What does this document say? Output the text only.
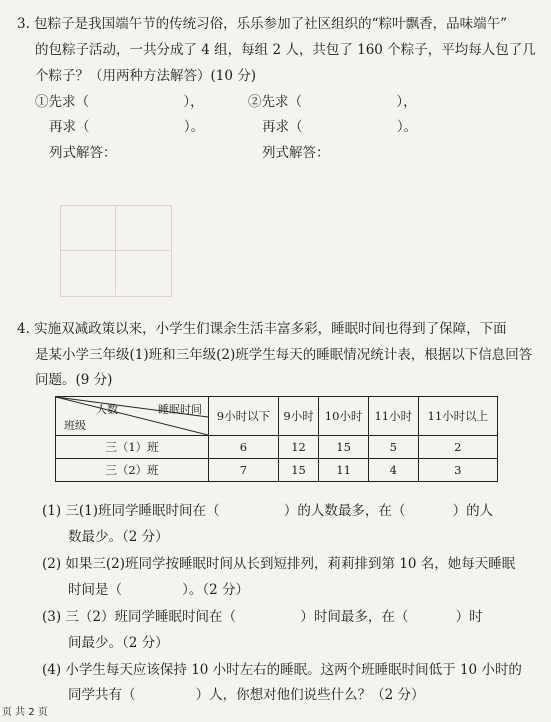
3. 包粽子是我国端午节的传统习俗，乐乐参加了社区组织的“粽叶飘香，品味端午”
的包粽子活动，一共分成了 4 组，每组 2 人，共包了 160 个粽子，平均每人包了几
个粽子？（用两种方法解答）(10 分)
①先求（                      ），	②先求（                      ），
再求（                      ）。	再求（                      ）。
列式解答：	列式解答：
4. 实施双减政策以来，小学生们课余生活丰富多彩，睡眠时间也得到了保障，下面
是某小学三年级(1)班和三年级(2)班学生每天的睡眠情况统计表，根据以下信息回答
问题。(9 分)
睡眠时间
人数
班级	9小时以下	9小时	10小时	11小时	11小时以上
三（1）班	6	12	15	5	2
三（2）班	7	15	11	4	3
(1) 三(1)班同学睡眠时间在（               ）的人数最多，在（           ）的人
数最少。（2 分）
(2) 如果三(2)班同学按睡眠时间从长到短排列，莉莉排到第 10 名，她每天睡眠
时间是（              ）。（2 分）
(3) 三（2）班同学睡眠时间在（               ）时间最多，在（           ）时
间最少。（2 分）
(4) 小学生每天应该保持 10 小时左右的睡眠。这两个班睡眠时间低于 10 小时的
同学共有（              ）人，你想对他们说些什么？（2 分）
页 共 2 页
